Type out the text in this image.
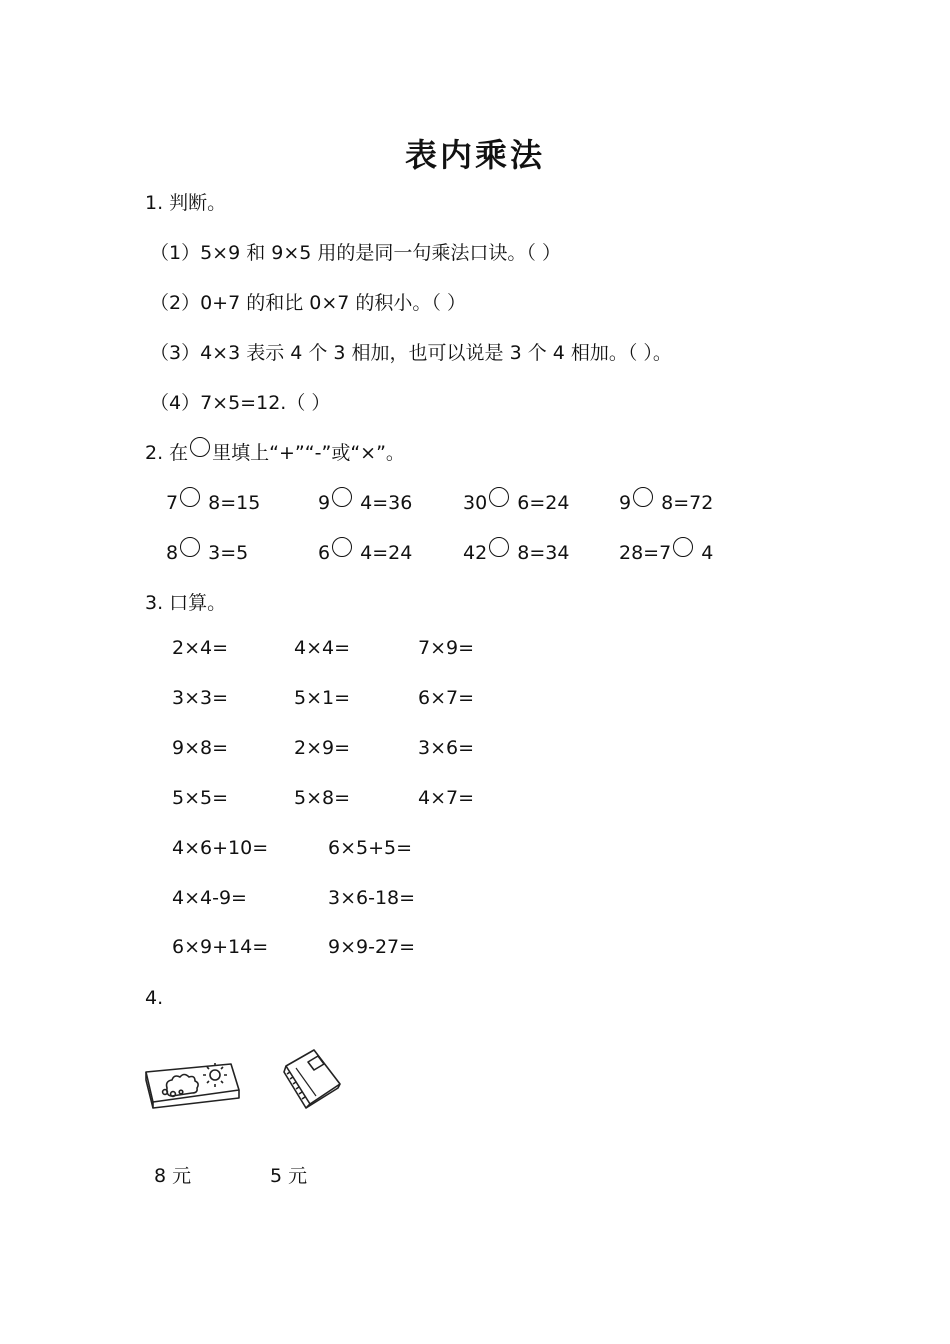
表内乘法
1. 判断。
（1）5×9 和 9×5 用的是同一句乘法口诀。（ ）
（2）0+7 的和比 0×7 的积小。（ ）
（3）4×3 表示 4 个 3 相加，也可以说是 3 个 4 相加。（ ）。
（4）7×5=12.（ ）
2. 在 里填上“+”“-”或“×”。
7 8=15	9 4=36	30 6=24	9 8=72
8 3=5	6 4=24	42 8=34	28=7 4
3. 口算。
2×4=	4×4=	7×9=
3×3=	5×1=	6×7=
9×8=	2×9=	3×6=
5×5=	5×8=	4×7=
4×6+10=	6×5+5=
4×4-9=	3×6-18=
6×9+14=	9×9-27=
4.
8 元	5 元
